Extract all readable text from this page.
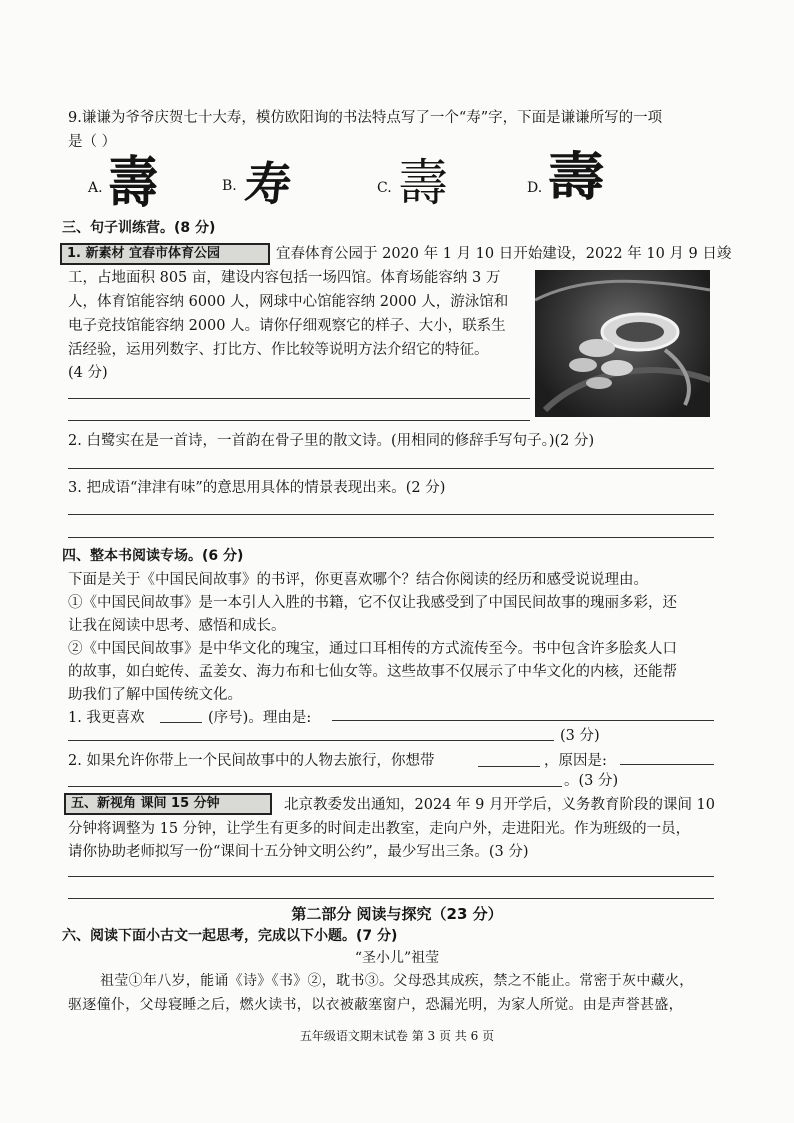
9.谦谦为爷爷庆贺七十大寿，模仿欧阳询的书法特点写了一个“寿”字，下面是谦谦所写的一项
是（ ）
A. 壽	B. 寿	C. 壽	D. 壽
三、句子训练营。(8 分)
1. 新素材 宜春市体育公园	宜春体育公园于 2020 年 1 月 10 日开始建设，2022 年 10 月 9 日竣
工，占地面积 805 亩，建设内容包括一场四馆。体育场能容纳 3 万
人，体育馆能容纳 6000 人，网球中心馆能容纳 2000 人，游泳馆和
电子竞技馆能容纳 2000 人。请你仔细观察它的样子、大小，联系生
活经验，运用列数字、打比方、作比较等说明方法介绍它的特征。
(4 分)
2. 白鹭实在是一首诗，一首韵在骨子里的散文诗。(用相同的修辞手写句子。)(2 分)
3. 把成语“津津有味”的意思用具体的情景表现出来。(2 分)
四、整本书阅读专场。(6 分)
下面是关于《中国民间故事》的书评，你更喜欢哪个？结合你阅读的经历和感受说说理由。
①《中国民间故事》是一本引人入胜的书籍，它不仅让我感受到了中国民间故事的瑰丽多彩，还
让我在阅读中思考、感悟和成长。
②《中国民间故事》是中华文化的瑰宝，通过口耳相传的方式流传至今。书中包含许多脍炙人口
的故事，如白蛇传、孟姜女、海力布和七仙女等。这些故事不仅展示了中华文化的内核，还能帮
助我们了解中国传统文化。
1. 我更喜欢	(序号)。理由是:
(3 分)
2. 如果允许你带上一个民间故事中的人物去旅行，你想带	，原因是:
。(3 分)
五、新视角 课间 15 分钟	北京教委发出通知，2024 年 9 月开学后，义务教育阶段的课间 10
分钟将调整为 15 分钟，让学生有更多的时间走出教室，走向户外，走进阳光。作为班级的一员，
请你协助老师拟写一份“课间十五分钟文明公约”，最少写出三条。(3 分)
第二部分 阅读与探究（23 分）
六、阅读下面小古文一起思考，完成以下小题。(7 分)
“圣小儿”祖莹
祖莹①年八岁，能诵《诗》《书》②，耽书③。父母恐其成疾，禁之不能止。常密于灰中藏火，
驱逐僮仆，父母寝睡之后，燃火读书，以衣被蔽塞窗户，恐漏光明，为家人所觉。由是声誉甚盛，
五年级语文期末试卷 第 3 页 共 6 页
